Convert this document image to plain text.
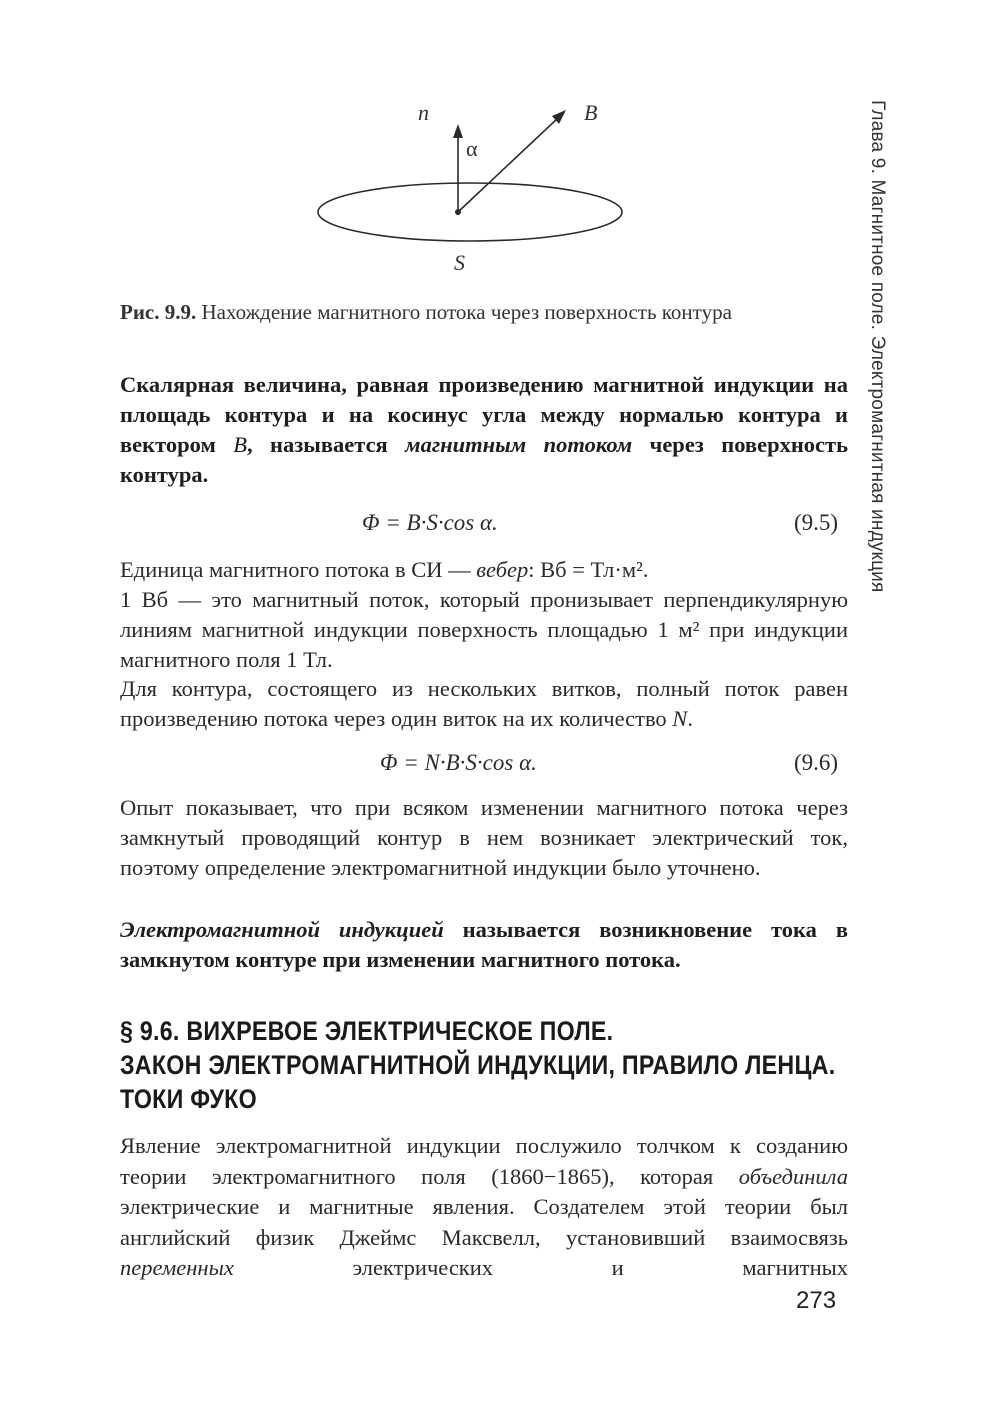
Глава 9. Магнитное поле. Электромагнитная индукция
n	B
α
S
Рис. 9.9. Нахождение магнитного потока через поверхность контура
Скалярная величина, равная произведению магнитной индукции на площадь контура и на косинус угла между нормалью контура и вектором B, называется магнитным потоком через поверхность контура.
Φ = B·S·cos α.	(9.5)
Единица магнитного потока в СИ — вебер: Вб = Тл·м².
1 Вб — это магнитный поток, который пронизывает перпендикулярную линиям магнитной индукции поверхность площадью 1 м² при индукции магнитного поля 1 Тл.
Для контура, состоящего из нескольких витков, полный поток равен произведению потока через один виток на их количество N.
Φ = N·B·S·cos α.	(9.6)
Опыт показывает, что при всяком изменении магнитного потока через замкнутый проводящий контур в нем возникает электрический ток, поэтому определение электромагнитной индукции было уточнено.
Электромагнитной индукцией называется возникновение тока в замкнутом контуре при изменении магнитного потока.
§ 9.6. ВИХРЕВОЕ ЭЛЕКТРИЧЕСКОЕ ПОЛЕ.
ЗАКОН ЭЛЕКТРОМАГНИТНОЙ ИНДУКЦИИ, ПРАВИЛО ЛЕНЦА.
ТОКИ ФУКО
Явление электромагнитной индукции послужило толчком к созданию теории электромагнитного поля (1860−1865), которая объединила электрические и магнитные явления. Создателем этой теории был английский физик Джеймс Максвелл, установивший взаимосвязь переменных электрических и магнитных
273
